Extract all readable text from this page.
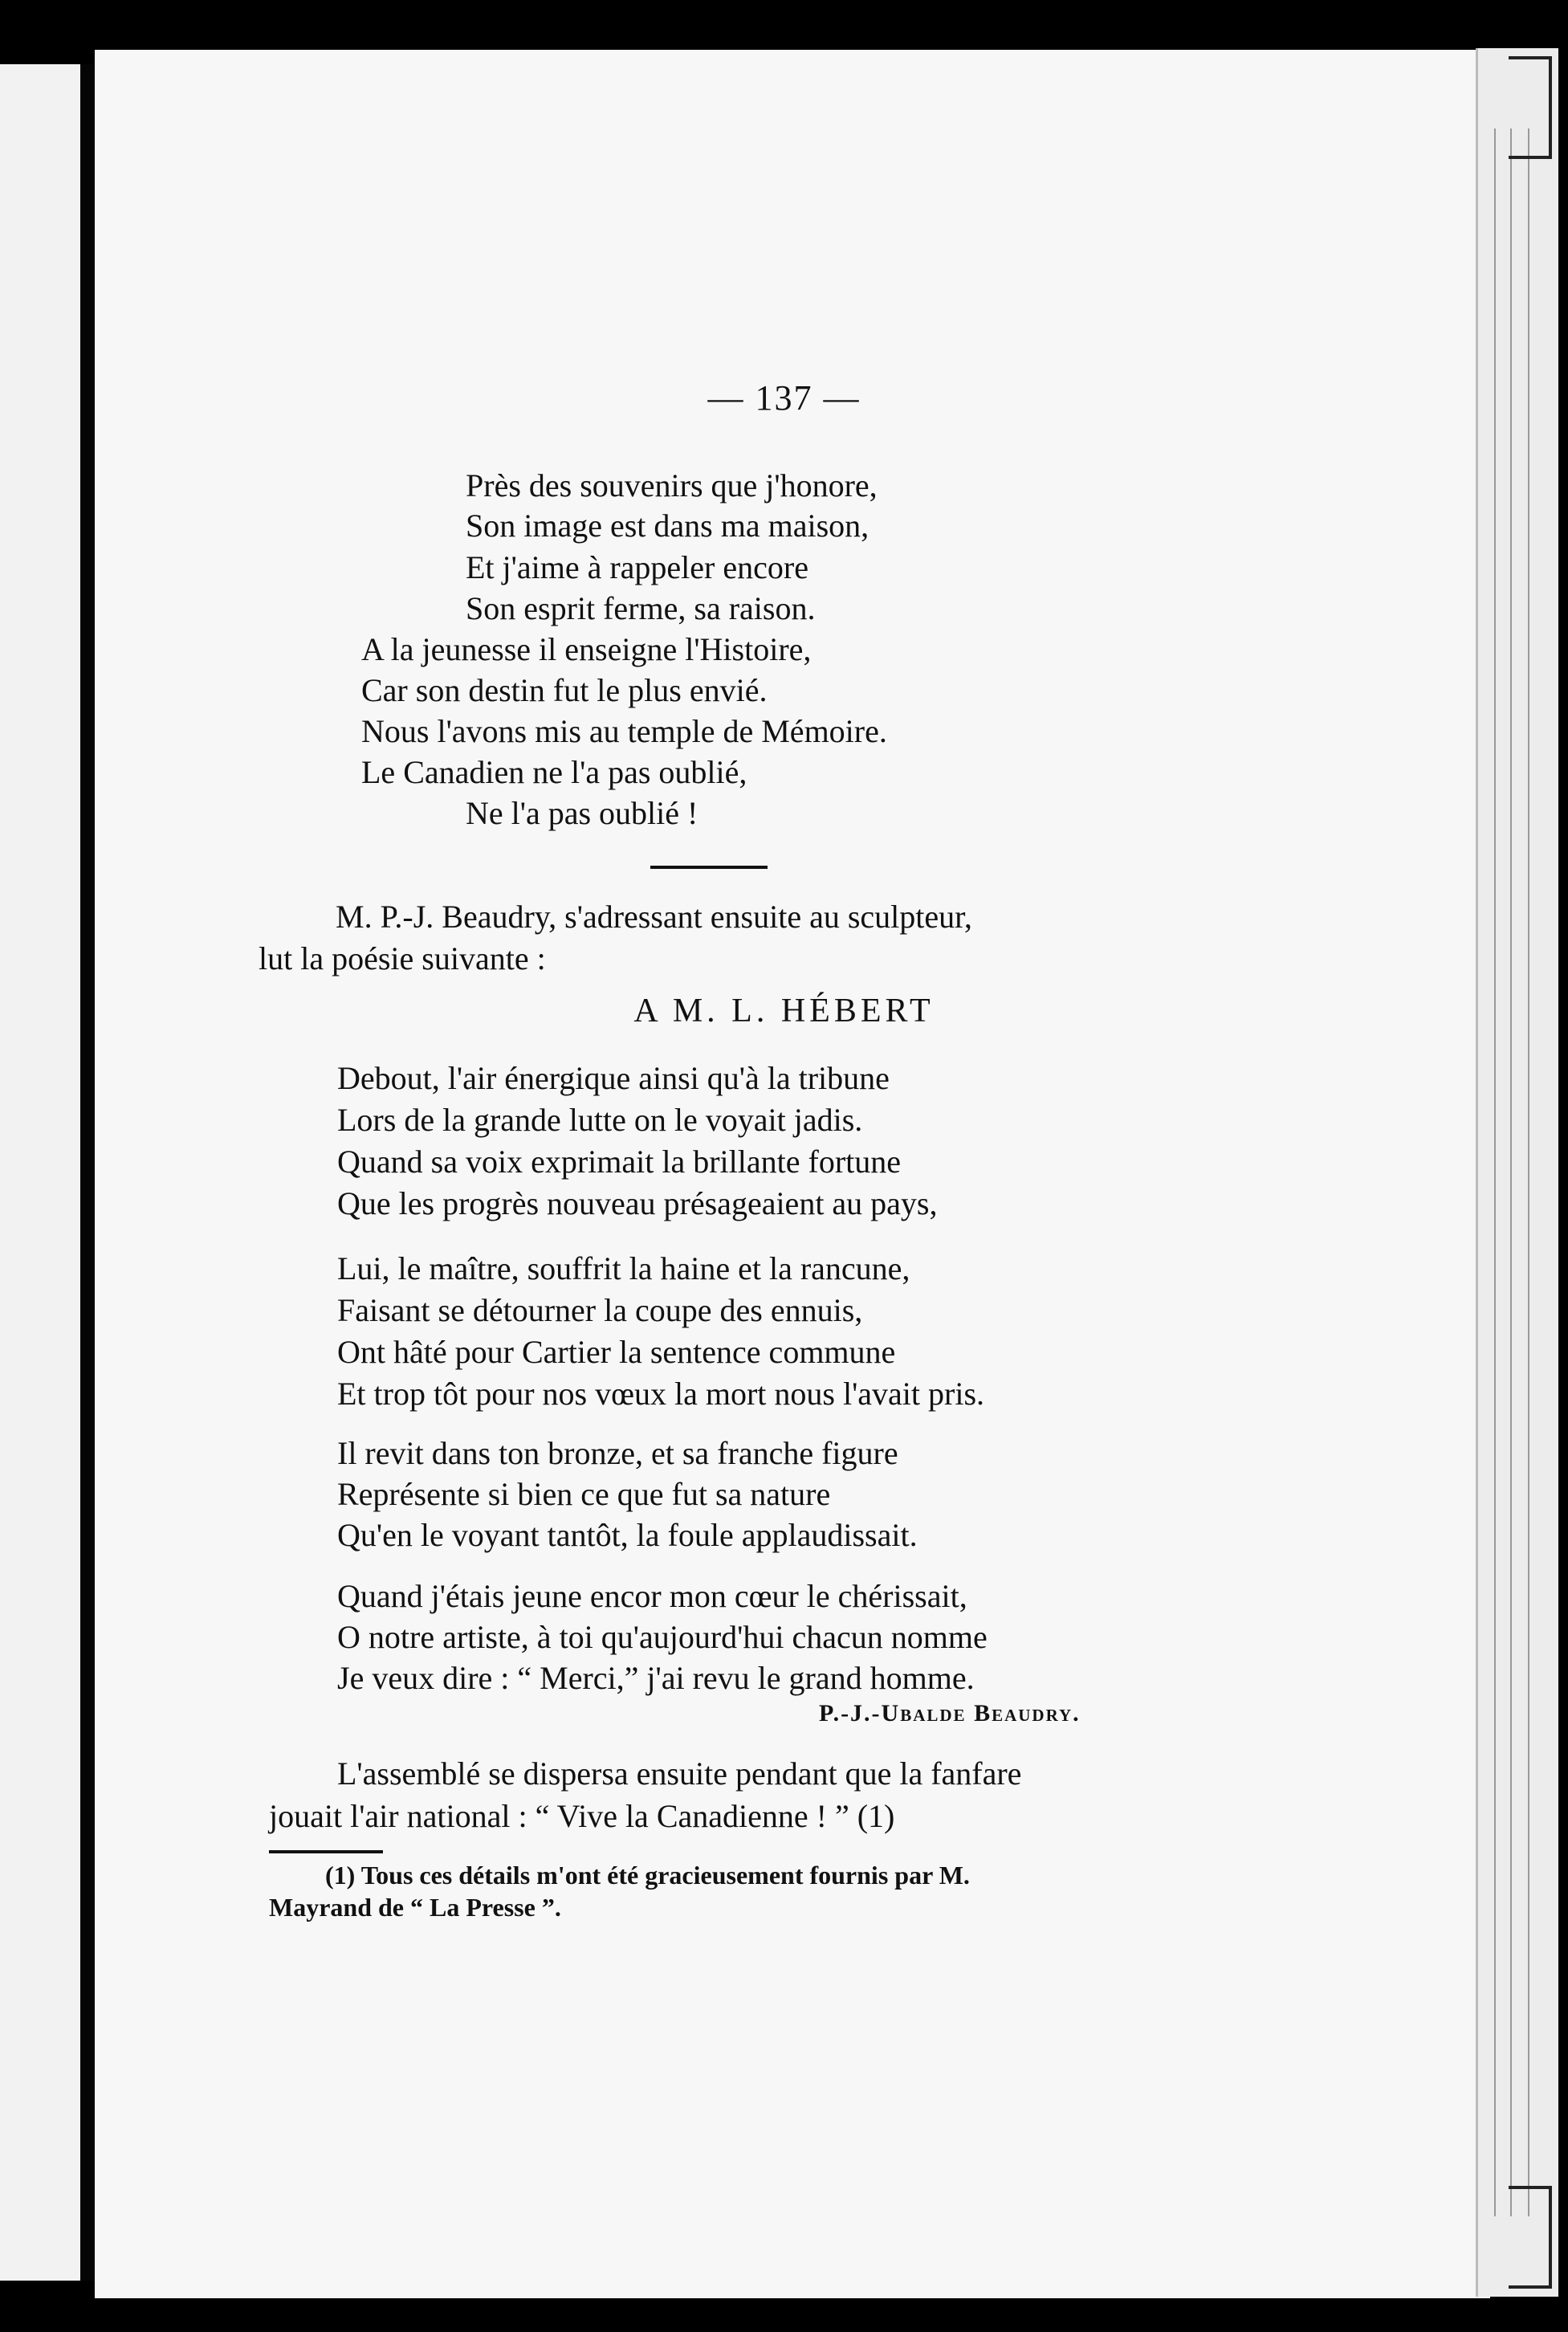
— 137 —
Près des souvenirs que j'honore,
Son image est dans ma maison,
Et j'aime à rappeler encore
Son esprit ferme, sa raison.
A la jeunesse il enseigne l'Histoire,
Car son destin fut le plus envié.
Nous l'avons mis au temple de Mémoire.
Le Canadien ne l'a pas oublié,
Ne l'a pas oublié !
M. P.-J. Beaudry, s'adressant ensuite au sculpteur,
lut la poésie suivante :
A M. L. HÉBERT
Debout, l'air énergique ainsi qu'à la tribune
Lors de la grande lutte on le voyait jadis.
Quand sa voix exprimait la brillante fortune
Que les progrès nouveau présageaient au pays,
Lui, le maître, souffrit la haine et la rancune,
Faisant se détourner la coupe des ennuis,
Ont hâté pour Cartier la sentence commune
Et trop tôt pour nos vœux la mort nous l'avait pris.
Il revit dans ton bronze, et sa franche figure
Représente si bien ce que fut sa nature
Qu'en le voyant tantôt, la foule applaudissait.
Quand j'étais jeune encor mon cœur le chérissait,
O notre artiste, à toi qu'aujourd'hui chacun nomme
Je veux dire : “ Merci,” j'ai revu le grand homme.
P.-J.-Ubalde Beaudry.
L'assemblé se dispersa ensuite pendant que la fanfare
jouait l'air national : “ Vive la Canadienne ! ” (1)
(1) Tous ces détails m'ont été gracieusement fournis par M.
Mayrand de “ La Presse ”.
